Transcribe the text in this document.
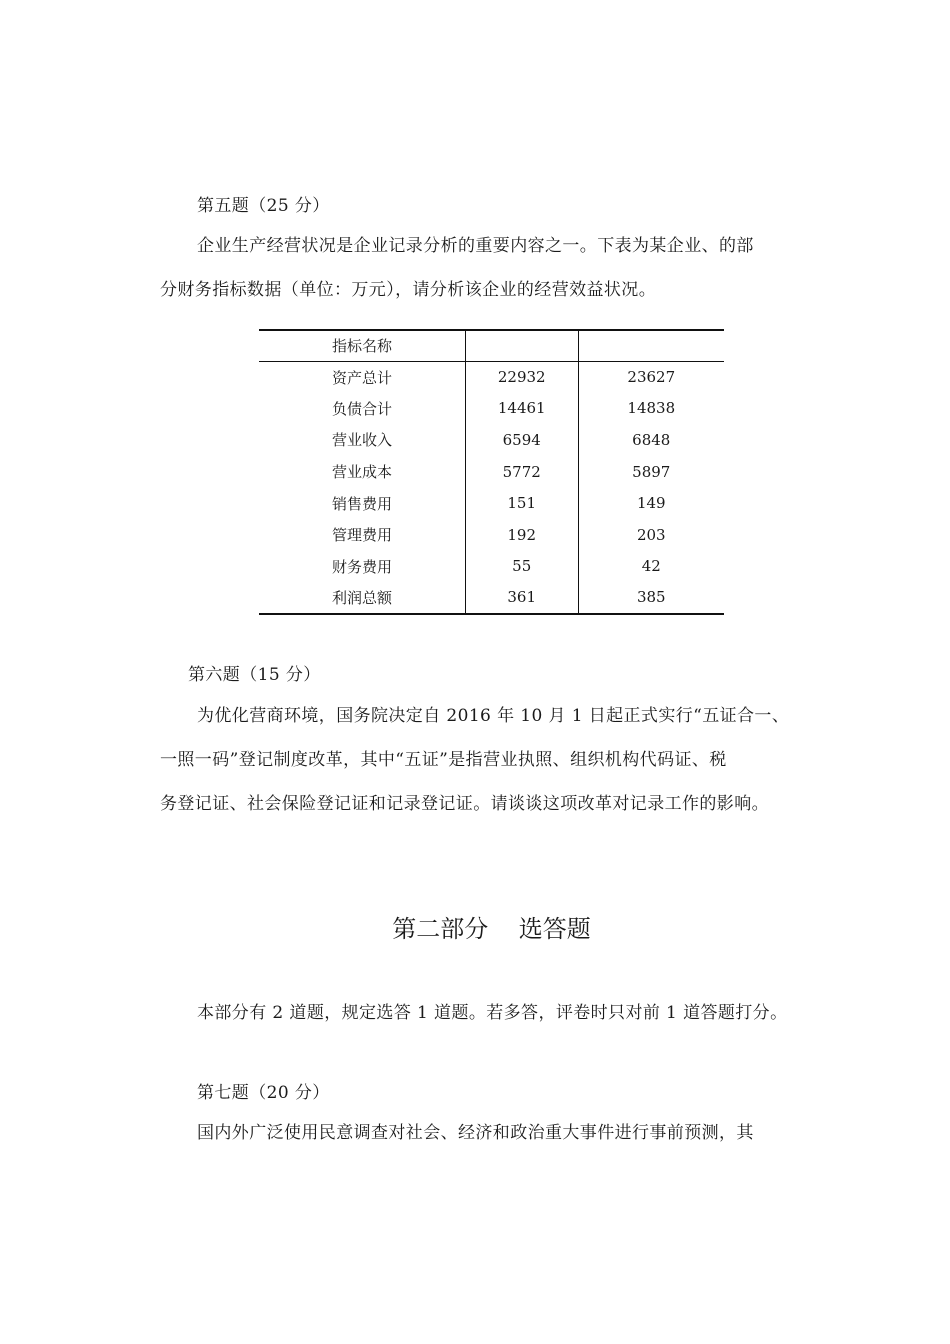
第五题（25 分）
企业生产经营状况是企业记录分析的重要内容之一。下表为某企业、的部
分财务指标数据（单位：万元），请分析该企业的经营效益状况。
指标名称		
资产总计	22932	23627
负债合计	14461	14838
营业收入	6594	6848
营业成本	5772	5897
销售费用	151	149
管理费用	192	203
财务费用	55	42
利润总额	361	385
第六题（15 分）
为优化营商环境，国务院决定自 2016 年 10 月 1 日起正式实行“五证合一、
一照一码”登记制度改革，其中“五证”是指营业执照、组织机构代码证、税
务登记证、社会保险登记证和记录登记证。请谈谈这项改革对记录工作的影响。
第二部分    选答题
本部分有 2 道题，规定选答 1 道题。若多答，评卷时只对前 1 道答题打分。
第七题（20 分）
国内外广泛使用民意调查对社会、经济和政治重大事件进行事前预测，其
